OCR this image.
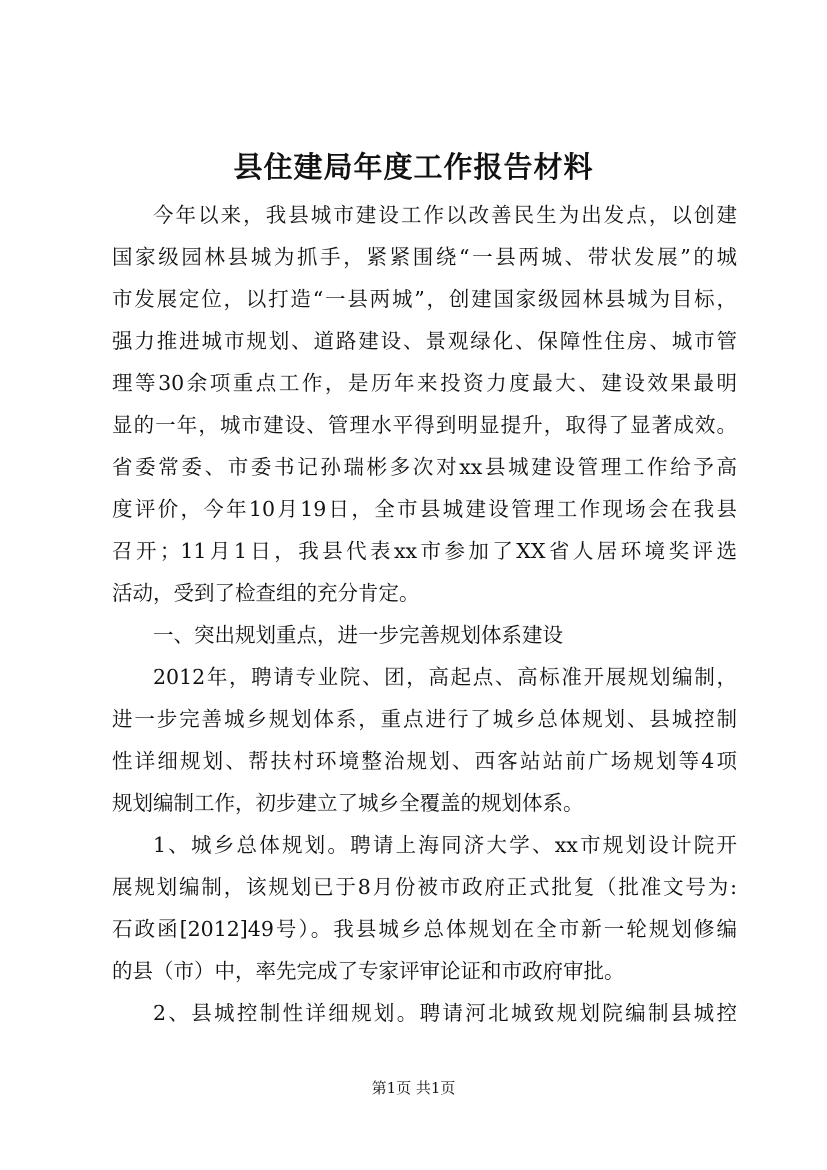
县住建局年度工作报告材料
今年以来，我县城市建设工作以改善民生为出发点，以创建
国家级园林县城为抓手，紧紧围绕“一县两城、带状发展”的城
市发展定位，以打造“一县两城”，创建国家级园林县城为目标，
强力推进城市规划、道路建设、景观绿化、保障性住房、城市管
理等30余项重点工作，是历年来投资力度最大、建设效果最明
显的一年，城市建设、管理水平得到明显提升，取得了显著成效。
省委常委、市委书记孙瑞彬多次对xx县城建设管理工作给予高
度评价，今年10月19日，全市县城建设管理工作现场会在我县
召开；11月1日，我县代表xx市参加了XX省人居环境奖评选
活动，受到了检查组的充分肯定。
一、突出规划重点，进一步完善规划体系建设
2012年，聘请专业院、团，高起点、高标准开展规划编制，
进一步完善城乡规划体系，重点进行了城乡总体规划、县城控制
性详细规划、帮扶村环境整治规划、西客站站前广场规划等4项
规划编制工作，初步建立了城乡全覆盖的规划体系。
1、城乡总体规划。聘请上海同济大学、xx市规划设计院开
展规划编制，该规划已于8月份被市政府正式批复（批准文号为:
石政函[2012]49号）。我县城乡总体规划在全市新一轮规划修编
的县（市）中，率先完成了专家评审论证和市政府审批。
2、县城控制性详细规划。聘请河北城致规划院编制县城控
第1页 共1页
